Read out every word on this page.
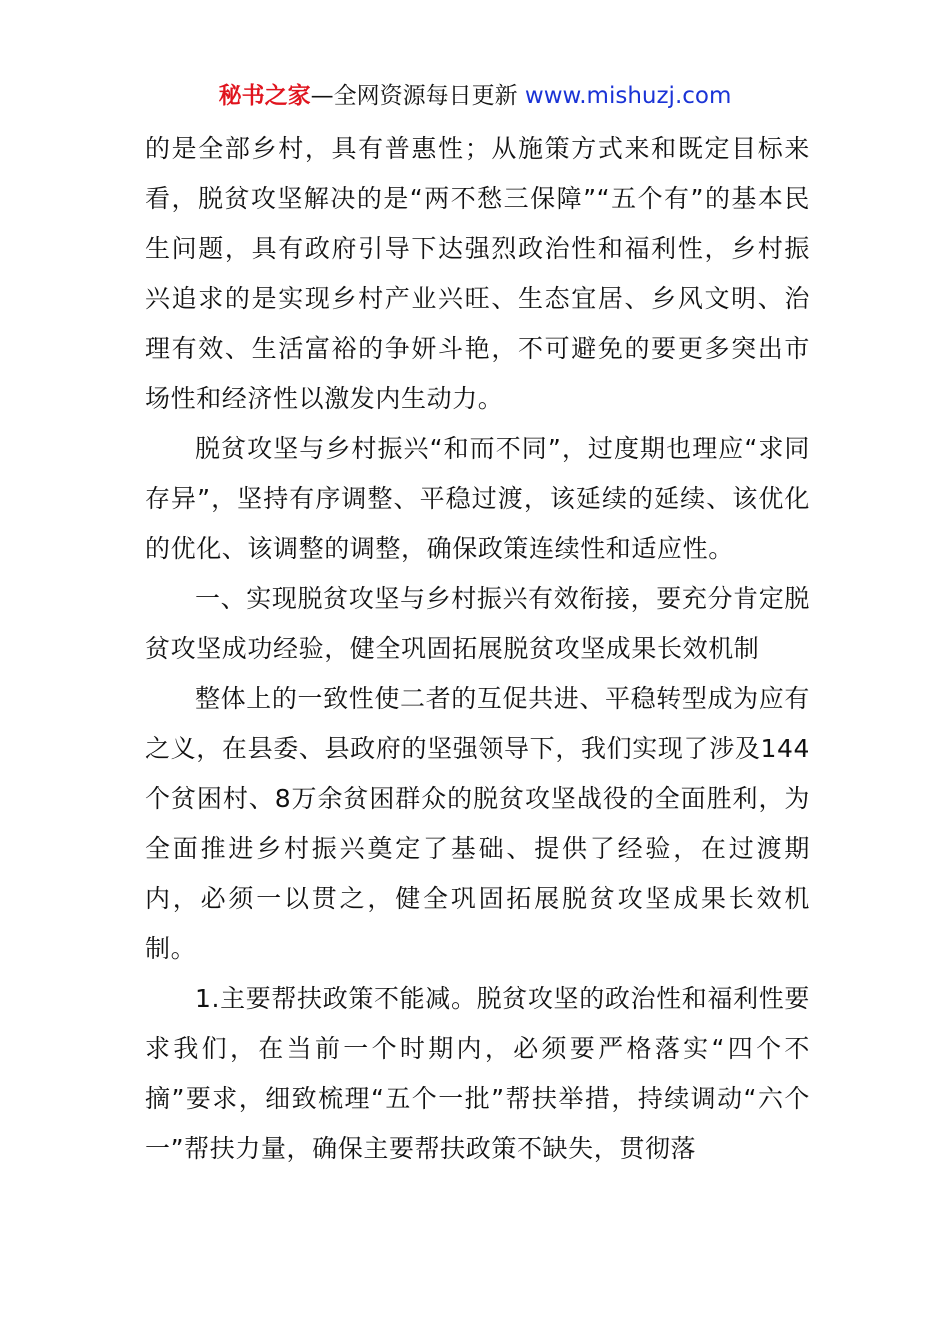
秘书之家—全网资源每日更新 www.mishuzj.com

的是全部乡村，具有普惠性；从施策方式来和既定目标来看，脱贫攻坚解决的是“两不愁三保障”“五个有”的基本民生问题，具有政府引导下达强烈政治性和福利性，乡村振兴追求的是实现乡村产业兴旺、生态宜居、乡风文明、治理有效、生活富裕的争妍斗艳，不可避免的要更多突出市场性和经济性以激发内生动力。

脱贫攻坚与乡村振兴“和而不同”，过度期也理应“求同存异”，坚持有序调整、平稳过渡，该延续的延续、该优化的优化、该调整的调整，确保政策连续性和适应性。

一、实现脱贫攻坚与乡村振兴有效衔接，要充分肯定脱贫攻坚成功经验，健全巩固拓展脱贫攻坚成果长效机制

整体上的一致性使二者的互促共进、平稳转型成为应有之义，在县委、县政府的坚强领导下，我们实现了涉及144个贫困村、8万余贫困群众的脱贫攻坚战役的全面胜利，为全面推进乡村振兴奠定了基础、提供了经验，在过渡期内，必须一以贯之，健全巩固拓展脱贫攻坚成果长效机制。

1.主要帮扶政策不能减。脱贫攻坚的政治性和福利性要求我们，在当前一个时期内，必须要严格落实“四个不摘”要求，细致梳理“五个一批”帮扶举措，持续调动“六个一”帮扶力量，确保主要帮扶政策不缺失，贯彻落
